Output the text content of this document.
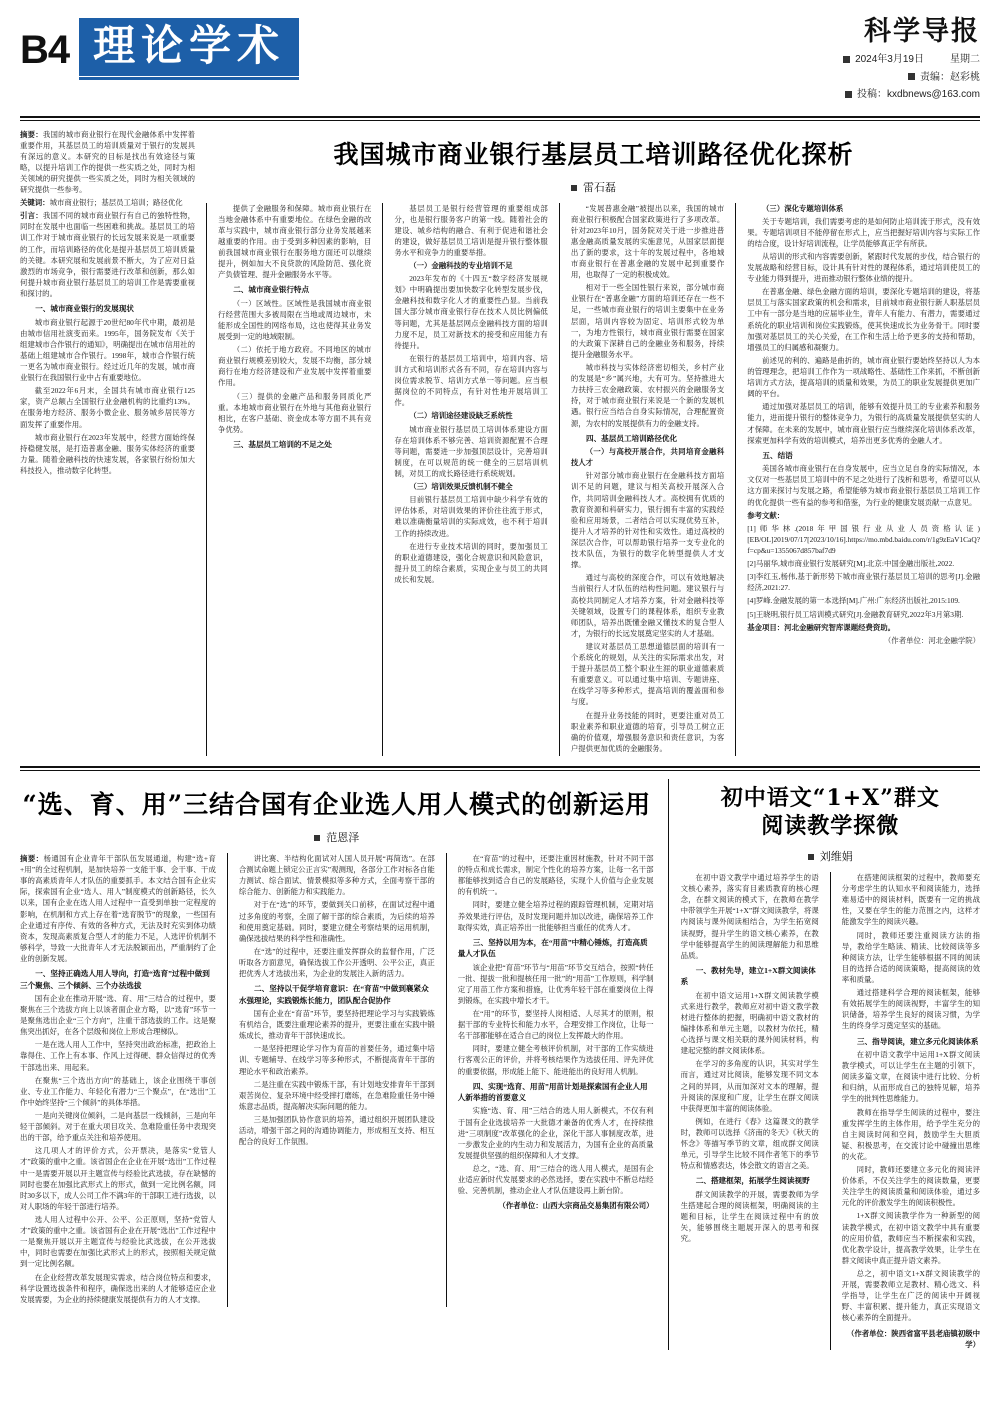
B4 理论学术	科学导报
2024年3月19日	星期二
责编：赵彩桃
投稿：kxdbnews@163.com

摘要：我国的城市商业银行在现代金融体系中发挥着重要作用，其基层员工的培训质量对于银行的发展具有深远的意义。本研究的目标是找出有效途径与策略，以提升培训工作的提供一些实质之处，同时为相关领域的研究提供一些实质之处，同时为相关领域的研究提供一些参考。

关键词：城市商业银行；基层员工培训；路径优化

引言：我国不同的城市商业银行有自己的独特性物，同时在发展中也面临一些困难和挑战。基层员工的培训工作对于城市商业银行的长远发展来说是一项重要的工作，而培训路径的优化是提升基层员工培训质量的关键。本研究展和发展前景不断大，为了应对日益激烈的市场竞争，银行需要进行改革和创新，那么如何提升城市商业银行基层员工的培训工作是需要重视和探讨的。

一、城市商业银行的发展现状

城市商业银行起源于20世纪80年代中期，最初是由城市信用社演变而来。1995年，国务院发布《关于组建城市合作银行的通知》，明确提出在城市信用社的基础上组建城市合作银行。1998年，城市合作银行统一更名为城市商业银行。经过近几年的发展，城市商业银行在我国银行业中占有重要地位。

截至2022年6月末，全国共有城市商业银行125家，资产总额占全国银行业金融机构的比重约13%。在服务地方经济、服务小微企业、服务城乡居民等方面发挥了重要作用。

城市商业银行在2023年发展中，经营方面始终保持稳健发展，是打造普惠金融、服务实体经济的重要力量。随着金融科技的快速发展，各家银行纷纷加大科技投入，推动数字化转型。

我国城市商业银行基层员工培训路径优化探析
雷石磊

提供了金融服务和保障。城市商业银行在当地金融体系中有重要地位。在绿色金融的改革与实践中，城市商业银行部分业务发展越来越重要的作用。由于受到多种因素的影响，目前我国城市商业银行在服务地方面还可以继续提升，例如加大不良贷款的风险防范、强化资产负债管理、提升金融服务水平等。

二、城市商业银行特点

（一）区域性。区域性是我国城市商业银行经营范围大多被局限在当地或周边城市，未能形成全国性的网络布局，这也使得其业务发展受到一定的地域限制。

（二）依托于地方政府。不同地区的城市商业银行规模差别较大，发展不均衡，部分城商行在地方经济建设和产业发展中发挥着重要作用。

（三）提供的金融产品和服务同质化严重。本地城市商业银行在外地与其他商业银行相比，在客户基础、资金成本等方面不具有竞争优势。

三、基层员工培训的不足之处

基层员工是银行经营管理的重要组成部分，也是银行服务客户的第一线。随着社会的建设、城乡结构的融合、有利于促进和谐社会的建设，做好基层员工培训是提升银行整体服务水平和竞争力的重要举措。

（一）金融科技的专业培训不足

2023年发布的《十四五“数字经济发展规划》中明确提出要加快数字化转型发展步伐，金融科技和数字化人才的重要性凸显。当前我国大部分城市商业银行存在技术人员比例偏低等问题，尤其是基层网点金融科技方面的培训力度不足，员工对新技术的接受和应用能力有待提升。

在银行的基层员工培训中，培训内容、培训方式和培训形式各有不同，存在培训内容与岗位需求脱节、培训方式单一等问题。应当根据岗位的不同特点，有针对性地开展培训工作。

（二）培训途径建设缺乏系统性

城市商业银行基层员工培训体系建设方面存在培训体系不够完善、培训资源配置不合理等问题，需要进一步加强顶层设计，完善培训制度，在可以规范的统一健全的三层培训机制，对员工的成长路径进行系统规划。

（三）培训效果反馈机制不健全

目前银行基层员工培训中缺少科学有效的评估体系，对培训效果的评价往往流于形式，难以准确衡量培训的实际成效，也不利于培训工作的持续改进。

在进行专业技术培训的同时，要加强员工的职业道德建设，强化合规意识和风险意识，提升员工的综合素质，实现企业与员工的共同成长和发展。

“发展普惠金融”被提出以来，我国的城市商业银行积极配合国家政策进行了多项改革。针对2023年10月，国务院对关于进一步推进普惠金融高质量发展的实施意见，从国家层面提出了新的要求，这十年的发展过程中，各地城市商业银行在普惠金融的发展中起到重要作用，也取得了一定的积极成效。

相对于一些全国性银行来说，部分城市商业银行在“普惠金融”方面的培训还存在一些不足，一些城市商业银行的培训主要集中在业务层面，培训内容较为固定、培训形式较为单一，为地方性银行，城市商业银行需要在国家的大政策下深耕自己的金融业务和服务，持续提升金融服务水平。

城市科技与实体经济密切相关，乡村产业的发展是“乡”属兴地，大有可为。坚持推进大力扶持三农金融政策、农村振兴的金融服务支持，对于城市商业银行来说是一个新的发展机遇。银行应当结合自身实际情况，合理配置资源，为农村的发展提供有力的金融支持。

四、基层员工培训路径优化

（一）与高校开展合作，共同培育金融科技人才

针对部分城市商业银行在金融科技方面培训不足的问题，建议与相关高校开展深入合作，共同培训金融科技人才。高校拥有优质的教育资源和科研实力，银行拥有丰富的实践经验和应用场景，二者结合可以实现优势互补，提升人才培养的针对性和实效性。通过高校的深层次合作，可以帮助银行培养一支专业化的技术队伍，为银行的数字化转型提供人才支撑。

通过与高校的深度合作，可以有效地解决当前银行人才队伍的结构性问题。建议银行与高校共同制定人才培养方案，针对金融科技等关键领域，设置专门的课程体系，组织专业教师团队，培养出既懂金融又懂技术的复合型人才，为银行的长远发展奠定坚实的人才基础。

建议对基层员工思想道德层面的培训有一个系统化的规划，从关注的实际需求出发，对于提升基层员工整个职业生涯的职业道德素质有重要意义。可以通过集中培训、专题讲座、在线学习等多种形式，提高培训的覆盖面和参与度。

在提升业务技能的同时，更要注重对员工职业素养和职业道德的培育，引导员工树立正确的价值观，增强服务意识和责任意识，为客户提供更加优质的金融服务。

（三）深化专题培训体系

关于专题培训，我们需要考虑的是如何防止培训流于形式，没有效果。专题培训项目不能停留在形式上，应当把握好培训内容与实际工作的结合度，设计好培训流程，让学员能够真正学有所获。

从培训的形式和内容需要创新，紧跟时代发展的步伐，结合银行的发展战略和经营目标，设计具有针对性的课程体系，通过培训使员工的专业能力得到提升，进而推动银行整体业绩的提升。

在普惠金融、绿色金融方面的培训，要深化专题培训的建设，将基层员工与落实国家政策的机会和需求，目前城市商业银行新人职基层员工中有一部分是当地的应届毕业生，青年人有能力、有潜力，需要通过系统化的职业培训和岗位实践锻炼，使其快速成长为业务骨干。同时要加强对基层员工的关心关爱，在工作和生活上给予更多的支持和帮助，增强员工的归属感和凝聚力。

前述见的利的、遍路是曲折的，城市商业银行要始终坚持以人为本的管理理念，把培训工作作为一项战略性、基础性工作来抓，不断创新培训方式方法，提高培训的质量和效果，为员工的职业发展提供更加广阔的平台。

通过加强对基层员工的培训，能够有效提升员工的专业素养和服务能力，进而提升银行的整体竞争力，为银行的高质量发展提供坚实的人才保障。在未来的发展中，城市商业银行应当继续深化培训体系改革，探索更加科学有效的培训模式，培养出更多优秀的金融人才。

五、结语

美国各城市商业银行在自身发展中，应当立足自身的实际情况，本文仅对一些基层员工培训中的不足之处进行了浅析和思考，希望可以从这方面来探讨与发展之路，希望能够为城市商业银行基层员工培训工作的优化提供一些有益的参考和借鉴，为行业的健康发展贡献一点意见。

参考文献：

[1]师华林.(2018年甲国银行业从业人员资格认证)[EB/OL]2019/07/17[2023/10/16].https://mo.mbd.baidu.com/r/1g9zEaV1CaQ?f=cp&u=1355067d857baf7d9

[2]马丽华,城市商业银行发展研究[M].北京:中国金融出版社,2022.

[3]李红玉,杨伟,基于新形势下城市商业银行基层员工培训的思考[J].金融经济,2021:27.

[4]罗峰.金融发展的第一本选择[M].广州:广东经济出版社,2015:109.

[5]王晓明,银行员工培训模式研究[J].金融教育研究,2022年3月第3期.

基金项目：河北金融研究智库课题经费资助。

（作者单位：河北金融学院）

“选、育、用”三结合国有企业选人用人模式的创新运用
范恩泽

摘要：杨通国有企业青年干部队伍发展通道，构建“选+育+用”的全过程机制，是加快培养一支能干事、会干事、干成事的高素质青年人才队伍的重要抓手。本文结合国有企业实际，探索国有企业“选人、用人”制度模式的创新路径，长久以来，国有企业在选人用人过程中一直受到单独一定程度的影响，在机制和方式上存在着“选育脱节”的现象，一些国有企业通过有序传、有效的各种方式，无法及时充实到体功绩资本，发现高素质复合型人才的能力不足，人选评价机制不够科学，导致一大批青年人才无法脱颖而出，严重制约了企业的创新发展。

一、坚持正确选人用人导向，打造“选育”过程中做到三个聚焦、三个倾斜、三个办法选拔

国有企业在推动开展“选、育、用”三结合的过程中，要聚焦在三个选拔方向上以该者面企业方略，以“选育”环节一是聚焦选出企业“三个方向”，注重干部选拔的工作。这是聚焦突出抓好，在各个层级和岗位上形成合理梯队。

一是在选人用人工作中，坚持突出政治标准，把政治上靠得住、工作上有本事、作风上过得硬、群众信得过的优秀干部选出来、用起来。

在聚焦“三个选出方向”的基础上，该企业围绕干事创业、专业工作能力、年轻化有潜力“三个聚点”，在“选出”工作中始终坚持“三个倾斜”的具体举措。

一是向关键岗位倾斜，二是向基层一线倾斜，三是向年轻干部倾斜。对于在重大项目攻关、急难险重任务中表现突出的干部，给予重点关注和培养使用。

这几项人才的评价方式，公开票决，是落实“党管人才”政策的重中之重。该省国企在企业在开展“选出”工作过程中一是需要开展以开主题宣传与经验比武选拔，存在缺憾的同时也要在加强比武形式上的形式，做到一定比例名额，同时30多以下，成人公司工作不满3年的干部职工进行选拔，以对人职场的年轻干部进行培养。

选人用人过程中公开、公平、公正原则，坚持“党管人才”政策的重中之重。该省国有企业在开展“选出”工作过程中一是聚焦开展以开主题宣传与经验比武选拔，在公开选拔中，同时也需要在加强比武形式上的形式，按照相关规定做到一定比例名额。

在企业经营改革发展现实需求，结合岗位特点和要求，科学设置选拔条件和程序，确保选出来的人才能够适应企业发展需要，为企业的持续健康发展提供有力的人才支撑。

讲比赛、半结构化面试对人国人员开展“再简选”。在部合测试命题上锁定公正言实”观测现，各部分工作对标各自能力测试、综合面试、情景模拟等多种方式，全面考察干部的综合能力、创新能力和实践能力。

对于在“选”的环节，要做到关口前移，在面试过程中通过多角度的考察，全面了解干部的综合素质，为后续的培养和使用奠定基础。同时，要建立健全考察结果的运用机制，确保选拔结果的科学性和准确性。

在“选”的过程中，还要注重发挥群众的监督作用，广泛听取各方面意见，确保选拔工作公开透明、公平公正，真正把优秀人才选拔出来，为企业的发展注入新的活力。

二、坚持以干促学培育意识：在“育苗”中做到襄紧众水强理论，实践锻炼长能力，团队配合促协作

国有企业在“育苗”环节，要坚持把理论学习与实践锻炼有机结合，既要注重理论素养的提升，更要注重在实践中锻炼成长，推动青年干部快速成长。

一是坚持把理论学习作为育苗的首要任务，通过集中培训、专题辅导、在线学习等多种形式，不断提高青年干部的理论水平和政治素养。

二是注重在实践中锻炼干部，有计划地安排青年干部到艰苦岗位、复杂环境中经受摔打磨练，在急难险重任务中锤炼意志品质，提高解决实际问题的能力。

三是加强团队协作意识的培养，通过组织开展团队建设活动，增强干部之间的沟通协调能力，形成相互支持、相互配合的良好工作氛围。

在“育苗”的过程中，还要注重因材施教，针对不同干部的特点和成长需求，制定个性化的培养方案，让每一名干部都能够找到适合自己的发展路径，实现个人价值与企业发展的有机统一。

同时，要建立健全培养过程的跟踪管理机制，定期对培养效果进行评估，及时发现问题并加以改进，确保培养工作取得实效，真正培养出一批能够担当重任的优秀人才。

三、坚持以用为本，在“用苗”中精心锤炼，打造高质量人才队伍

该企业把“育苗”环节与“用苗”环节交互结合，按照“转任一批、提拔一批和提核任用一批”的“用苗”工作原则，科学制定了用苗工作方案和措施，让优秀年轻干部在重要岗位上得到锻炼，在实践中增长才干。

在“用”的环节，要坚持人岗相适、人尽其才的原则，根据干部的专业特长和能力水平，合理安排工作岗位，让每一名干部都能够在适合自己的岗位上发挥最大的作用。

同时，要建立健全考核评价机制，对干部的工作实绩进行客观公正的评价，并将考核结果作为选拔任用、评先评优的重要依据，形成能上能下、能进能出的良好用人机制。

四、实现“选育、用苗”用苗计划是探索国有企业人用人新举措的首要意义

实施“选、育、用”三结合的选人用人新模式，不仅有利于国有企业选拔培养一大批德才兼备的优秀人才，在持续推进“三项制度”改革强化的企业，深化干部人事制度改革，进一步激发企业的内生动力和发展活力，为国有企业的高质量发展提供坚强的组织保障和人才支撑。

总之，“选、育、用”三结合的选人用人模式，是国有企业适应新时代发展要求的必然选择，要在实践中不断总结经验、完善机制，推动企业人才队伍建设再上新台阶。

（作者单位：山西大宗商品交易集团有限公司）
初中语文“1+X”群文
阅读教学探微
刘维娟

在初中语文教学中通过培养学生的语文核心素养，落实育目素质教育的核心理念，在群文阅读的模式下，在教师在教学中带领学生开展“1+X”群文阅读教学，将课内阅读与课外阅读相结合，为学生拓宽阅读视野，提升学生的语文核心素养，在教学中能够提高学生的阅读理解能力和思维品质。

一、教材先导，建立1+X群文阅读体系

在初中语文运用1+X群文阅读教学模式来进行教学，教师应对初中语文教学教材进行整体的把握，明确初中语文教材的编排体系和单元主题，以教材为依托，精心选择与课文相关联的课外阅读材料，构建起完整的群文阅读体系。

在学习的多角度的认识，其实对学生而言，通过对比阅读，能够发现不同文本之间的异同，从而加深对文本的理解，提升阅读的深度和广度，让学生在群文阅读中获得更加丰富的阅读体验。

例如，在进行《春》这篇课文的教学时，教师可以选择《济南的冬天》《秋天的怀念》等描写季节的文章，组成群文阅读单元，引导学生比较不同作者笔下的季节特点和情感表达，体会散文的语言之美。

二、搭建框架，拓展学生阅读视野

群文阅读教学的开展，需要教师为学生搭建起合理的阅读框架，明确阅读的主题和目标，让学生在阅读过程中有的放矢，能够围绕主题展开深入的思考和探究。

在搭建阅读框架的过程中，教师要充分考虑学生的认知水平和阅读能力，选择难易适中的阅读材料，既要有一定的挑战性，又要在学生的能力范围之内，这样才能激发学生的阅读兴趣。

同时，教师还要注重阅读方法的指导，教给学生略读、精读、比较阅读等多种阅读方法，让学生能够根据不同的阅读目的选择合适的阅读策略，提高阅读的效率和质量。

通过搭建科学合理的阅读框架，能够有效拓展学生的阅读视野，丰富学生的知识储备，培养学生良好的阅读习惯，为学生的终身学习奠定坚实的基础。

三、指导阅读，建立多元化阅读体系

在初中语文教学中运用1+X群文阅读教学模式，可以让学生在主题的引领下，阅读多篇文章，在阅读中进行比较、分析和归纳，从而形成自己的独特见解，培养学生的批判性思维能力。

教师在指导学生阅读的过程中，要注重发挥学生的主体作用，给予学生充分的自主阅读时间和空间，鼓励学生大胆质疑、积极思考，在交流讨论中碰撞出思维的火花。

同时，教师还要建立多元化的阅读评价体系，不仅关注学生的阅读数量，更要关注学生的阅读质量和阅读体验，通过多元化的评价激发学生的阅读积极性。

1+X群文阅读教学作为一种新型的阅读教学模式，在初中语文教学中具有重要的应用价值，教师应当不断探索和实践，优化教学设计，提高教学效果，让学生在群文阅读中真正提升语文素养。

总之，初中语文1+X群文阅读教学的开展，需要教师立足教材、精心选文、科学指导，让学生在广泛的阅读中开阔视野、丰富积累、提升能力，真正实现语文核心素养的全面提升。

（作者单位：陕西省富平县老庙镇初级中学）
